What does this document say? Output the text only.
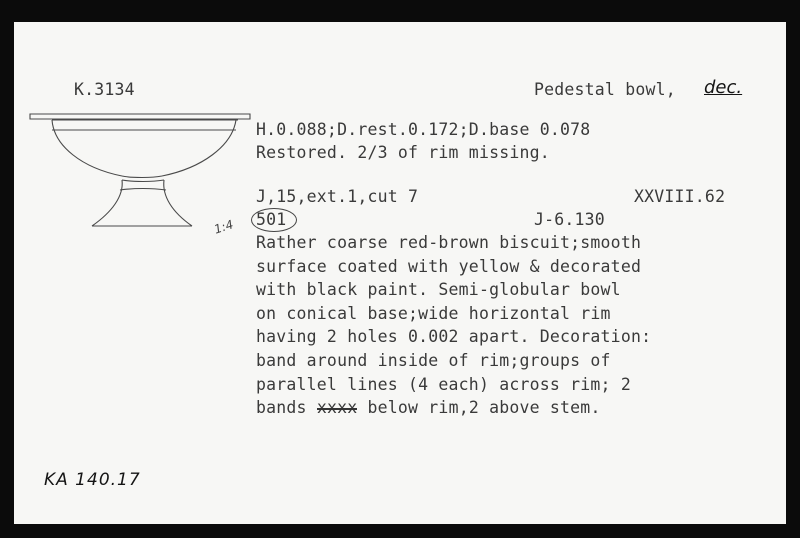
K.3134	Pedestal bowl, dec.
H.0.088;D.rest.0.172;D.base 0.078
Restored. 2/3 of rim missing.
J,15,ext.1,cut 7	XXVIII.62
1:4 501	J-6.130
Rather coarse red-brown biscuit;smooth
surface coated with yellow & decorated
with black paint. Semi-globular bowl
on conical base;wide horizontal rim
having 2 holes 0.002 apart. Decoration:
band around inside of rim;groups of
parallel lines (4 each) across rim; 2
bands xxxx below rim,2 above stem.
KA 140.17
